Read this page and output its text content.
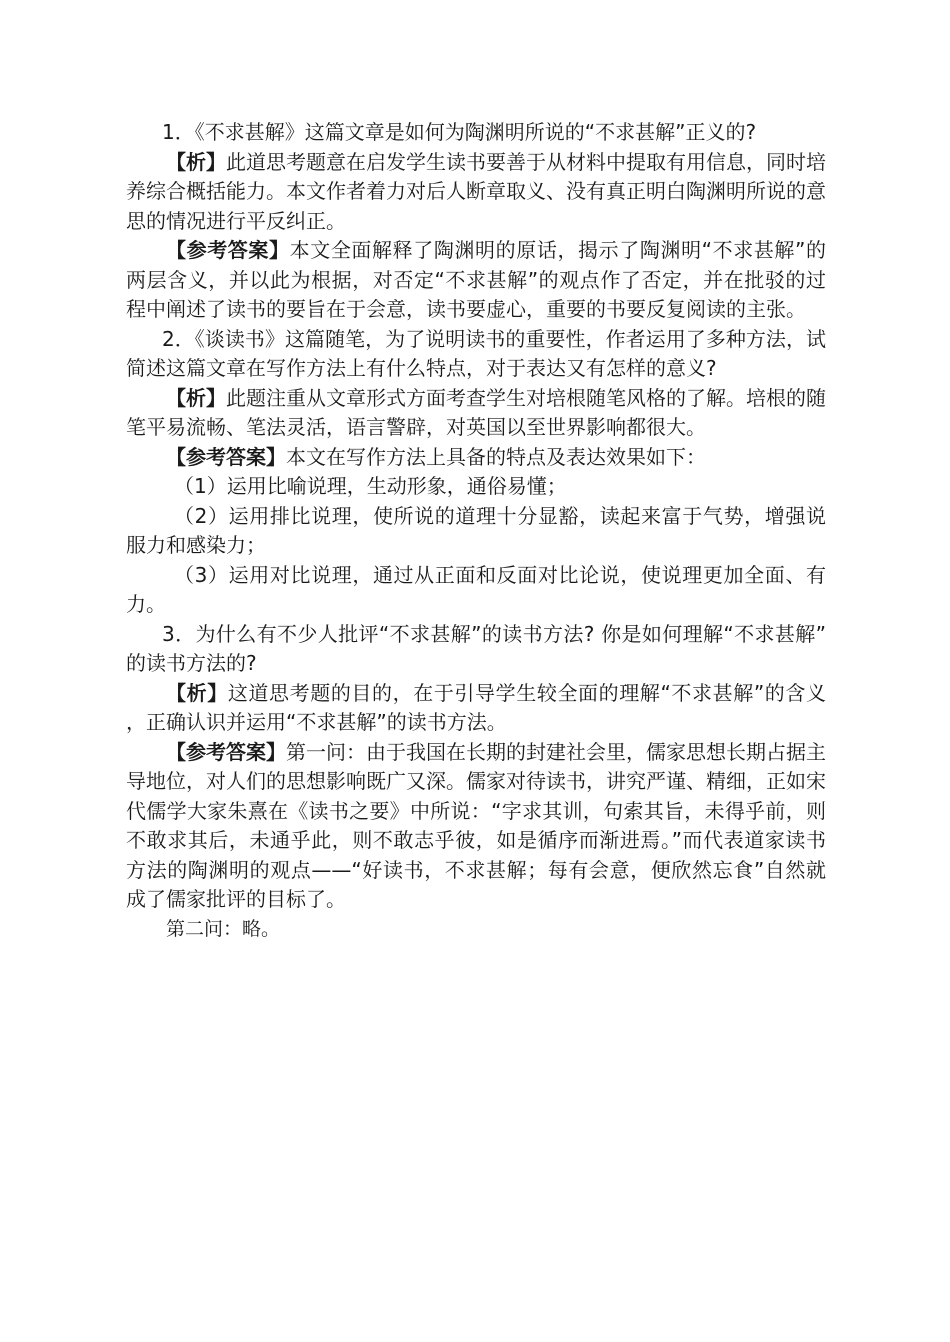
1．《不求甚解》这篇文章是如何为陶渊明所说的“不求甚解”正义的?

【析】此道思考题意在启发学生读书要善于从材料中提取有用信息，同时培养综合概括能力。本文作者着力对后人断章取义、没有真正明白陶渊明所说的意思的情况进行平反纠正。

【参考答案】本文全面解释了陶渊明的原话，揭示了陶渊明“不求甚解”的两层含义，并以此为根据，对否定“不求甚解”的观点作了否定，并在批驳的过程中阐述了读书的要旨在于会意，读书要虚心，重要的书要反复阅读的主张。

2．《谈读书》这篇随笔，为了说明读书的重要性，作者运用了多种方法，试简述这篇文章在写作方法上有什么特点，对于表达又有怎样的意义?

【析】此题注重从文章形式方面考查学生对培根随笔风格的了解。培根的随笔平易流畅、笔法灵活，语言警辟，对英国以至世界影响都很大。

【参考答案】本文在写作方法上具备的特点及表达效果如下：

（1）运用比喻说理，生动形象，通俗易懂；

（2）运用排比说理，使所说的道理十分显豁，读起来富于气势，增强说服力和感染力；

（3）运用对比说理，通过从正面和反面对比论说，使说理更加全面、有力。

3．为什么有不少人批评“不求甚解”的读书方法? 你是如何理解“不求甚解”的读书方法的?

【析】这道思考题的目的，在于引导学生较全面的理解“不求甚解”的含义，正确认识并运用“不求甚解”的读书方法。

【参考答案】第一问：由于我国在长期的封建社会里，儒家思想长期占据主导地位，对人们的思想影响既广又深。儒家对待读书，讲究严谨、精细，正如宋代儒学大家朱熹在《读书之要》中所说：“字求其训，句索其旨，未得乎前，则不敢求其后，未通乎此，则不敢志乎彼，如是循序而渐进焉。”而代表道家读书方法的陶渊明的观点——“好读书，不求甚解；每有会意，便欣然忘食”自然就成了儒家批评的目标了。

第二问：略。
